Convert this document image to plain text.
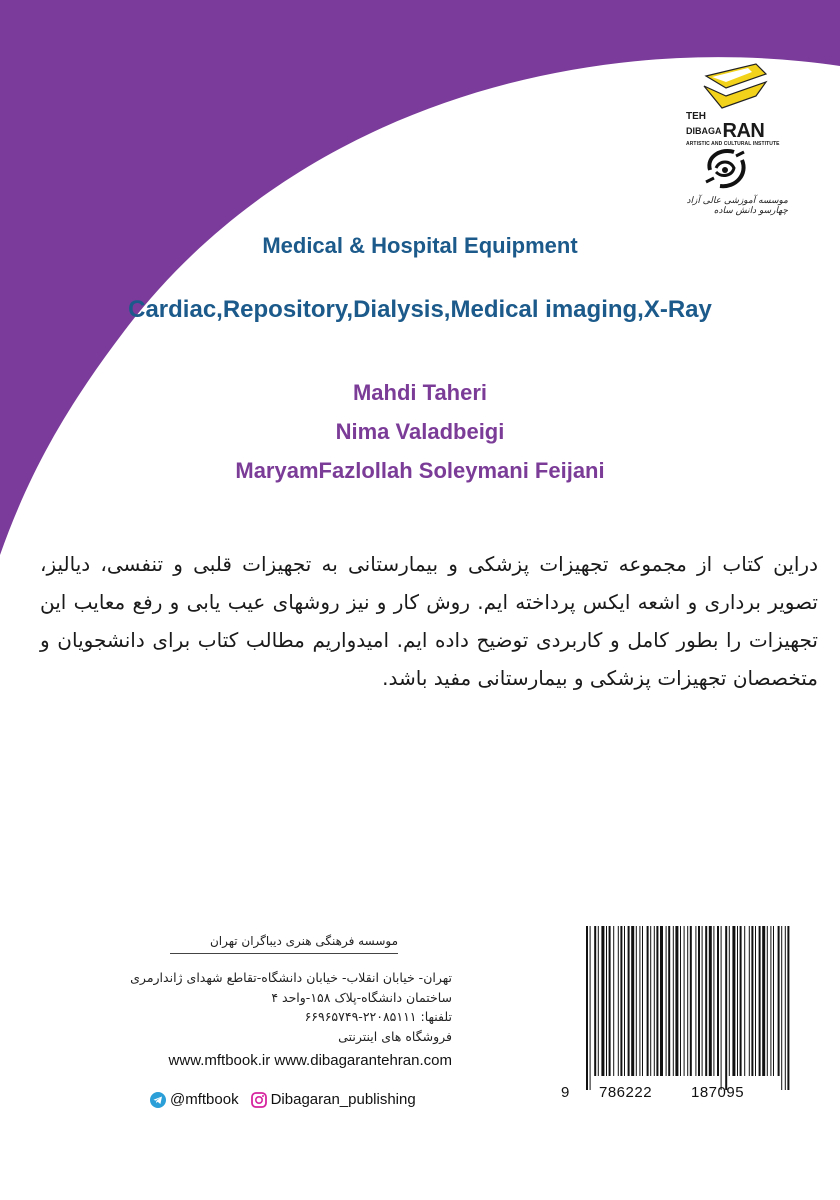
TEH
DIBAGA RAN
ARTISTIC AND CULTURAL INSTITUTE
موسسه آموزشی عالی آزاد چهارسو دانش ساده
Medical & Hospital Equipment
Cardiac,Repository,Dialysis,Medical imaging,X-Ray
Mahdi Taheri
Nima Valadbeigi
MaryamFazlollah Soleymani Feijani
دراین کتاب از مجموعه تجهیزات پزشکی و بیمارستانی به تجهیزات قلبی و تنفسی، دیالیز، تصویر برداری و اشعه ایکس پرداخته ایم. روش کار و نیز روشهای عیب یابی و رفع معایب این تجهیزات را بطور کامل و کاربردی توضیح داده ایم. امیدواریم مطالب کتاب برای دانشجویان و متخصصان تجهیزات پزشکی و بیمارستانی مفید باشد.
موسسه فرهنگی هنری دیباگران تهران
تهران- خیابان انقلاب- خیابان دانشگاه-تقاطع شهدای ژاندارمری
ساختمان دانشگاه-پلاک ۱۵۸-واحد ۴
تلفنها: ۲۲۰۸۵۱۱۱-۶۶۹۶۵۷۴۹
فروشگاه های اینترنتی
www.mftbook.ir www.dibagarantehran.com
@mftbook Dibagaran_publishing	9 786222	187095
